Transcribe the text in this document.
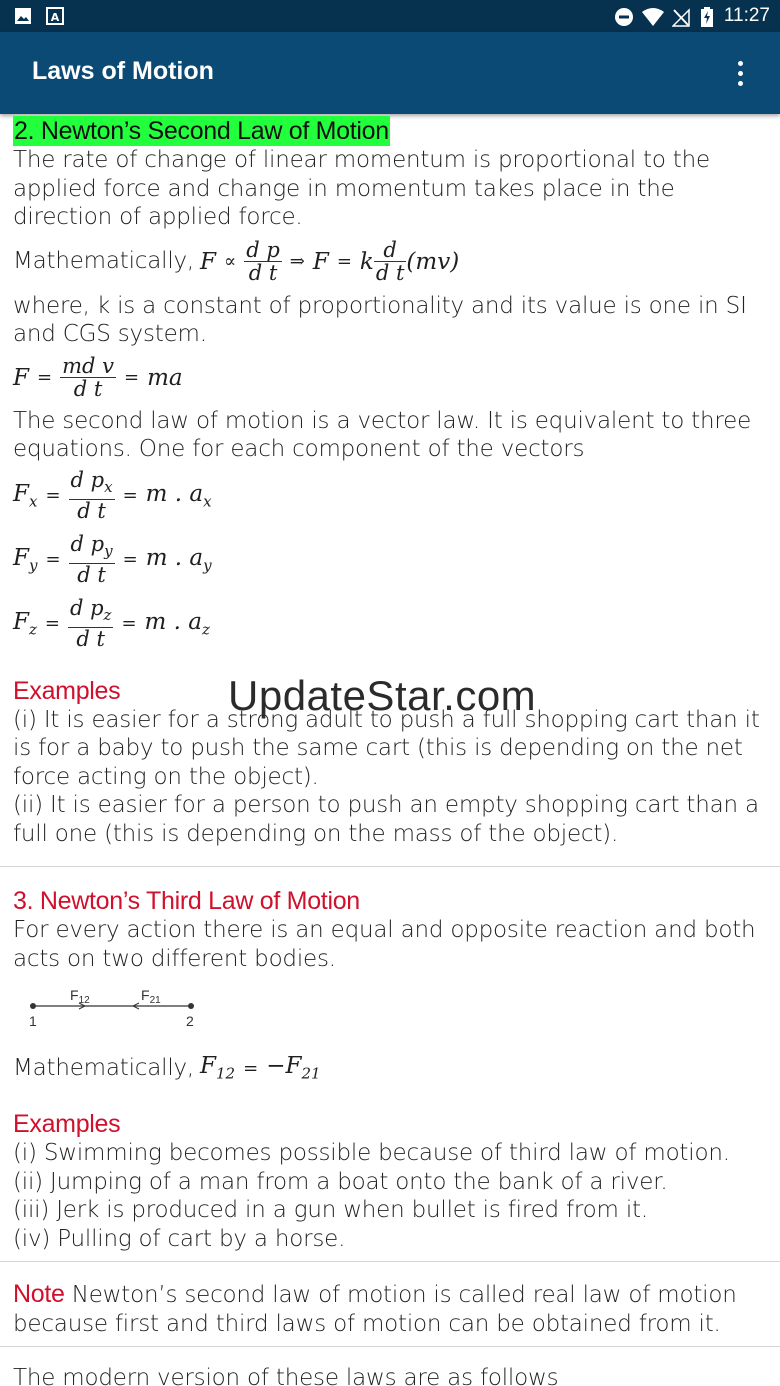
A	11:27
Laws of Motion
2. Newton’s Second Law of Motion
The rate of change of linear momentum is proportional to the applied force and change in momentum takes place in the direction of applied force.
Mathematically, $F \propto \frac{\text{d p}}{\text{d t}}$ ⇒ F = k $\frac{d}{\text{d t}} (mv)$
where, k is a constant of proportionality and its value is one in SI and CGS system.
$F = \frac{\text{md v}}{\text{d t}}$ = ma
The second law of motion is a vector law. It is equivalent to three equations. One for each component of the vectors
$F_x = \frac{d p_x}{\text{d t}} = m$ . $a_x$
$F_y = \frac{d p_y}{\text{d t}} = m$ . $a_y$
$F_z = \frac{d p_z}{\text{d t}} = m$ . $a_z$
Examples
(i) It is easier for a strong adult to push a full shopping cart than it is for a baby to push the same cart (this is depending on the net force acting on the object).
(ii) It is easier for a person to push an empty shopping cart than a full one (this is depending on the mass of the object).
3. Newton’s Third Law of Motion
For every action there is an equal and opposite reaction and both acts on two different bodies.
$F_{12}$	$F_{21}$
1	2
Mathematically, $F_{12} = -F_{21}$
Examples
(i) Swimming becomes possible because of third law of motion.
(ii) Jumping of a man from a boat onto the bank of a river.
(iii) Jerk is produced in a gun when bullet is fired from it.
(iv) Pulling of cart by a horse.
Note Newton’s second law of motion is called real law of motion because first and third laws of motion can be obtained from it.
The modern version of these laws are as follows
UpdateStar.com
